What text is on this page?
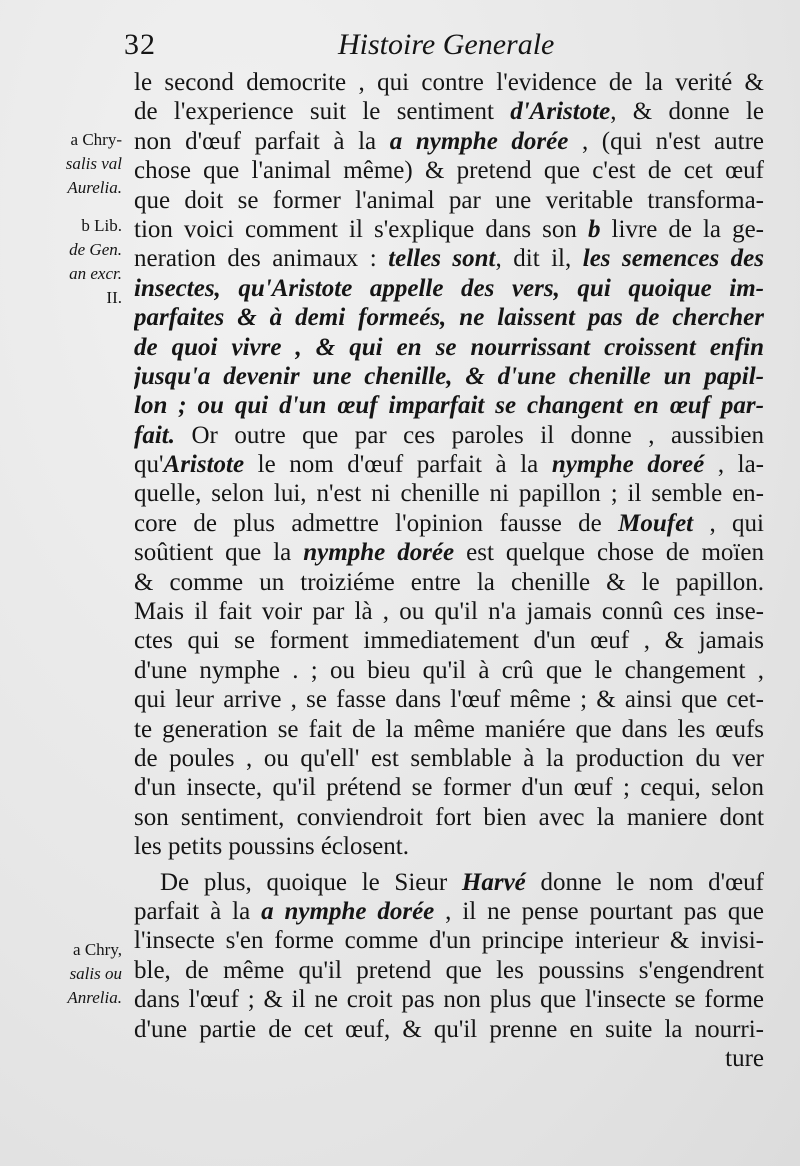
32	Histoire Generale
a Chry-
salis val
Aurelia.
b Lib.
de Gen.
an excr.
II.
a Chry,
salis ou
Anrelia.
le second democrite , qui contre l'evidence de la verité &
de l'experience suit le sentiment d'Aristote, & donne le
non d'œuf parfait à la a nymphe dorée , (qui n'est autre
chose que l'animal même) & pretend que c'est de cet œuf
que doit se former l'animal par une veritable transforma-
tion voici comment il s'explique dans son b livre de la ge-
neration des animaux : telles sont, dit il, les semences des
insectes, qu'Aristote appelle des vers, qui quoique im-
parfaites & à demi formeés, ne laissent pas de chercher
de quoi vivre , & qui en se nourrissant croissent enfin
jusqu'a devenir une chenille, & d'une chenille un papil-
lon ; ou qui d'un œuf imparfait se changent en œuf par-
fait. Or outre que par ces paroles il donne , aussibien
qu'Aristote le nom d'œuf parfait à la nymphe doreé , la-
quelle, selon lui, n'est ni chenille ni papillon ; il semble en-
core de plus admettre l'opinion fausse de Moufet , qui
soûtient que la nymphe dorée est quelque chose de moïen
& comme un troiziéme entre la chenille & le papillon.
Mais il fait voir par là , ou qu'il n'a jamais connû ces inse-
ctes qui se forment immediatement d'un œuf , & jamais
d'une nymphe . ; ou bieu qu'il à crû que le changement ,
qui leur arrive , se fasse dans l'œuf même ; & ainsi que cet-
te generation se fait de la même maniére que dans les œufs
de poules , ou qu'ell' est semblable à la production du ver
d'un insecte, qu'il prétend se former d'un œuf ; cequi, selon
son sentiment, conviendroit fort bien avec la maniere dont
les petits poussins éclosent.
De plus, quoique le Sieur Harvé donne le nom d'œuf
parfait à la a nymphe dorée , il ne pense pourtant pas que
l'insecte s'en forme comme d'un principe interieur & invisi-
ble, de même qu'il pretend que les poussins s'engendrent
dans l'œuf ; & il ne croit pas non plus que l'insecte se forme
d'une partie de cet œuf, & qu'il prenne en suite la nourri-
ture
